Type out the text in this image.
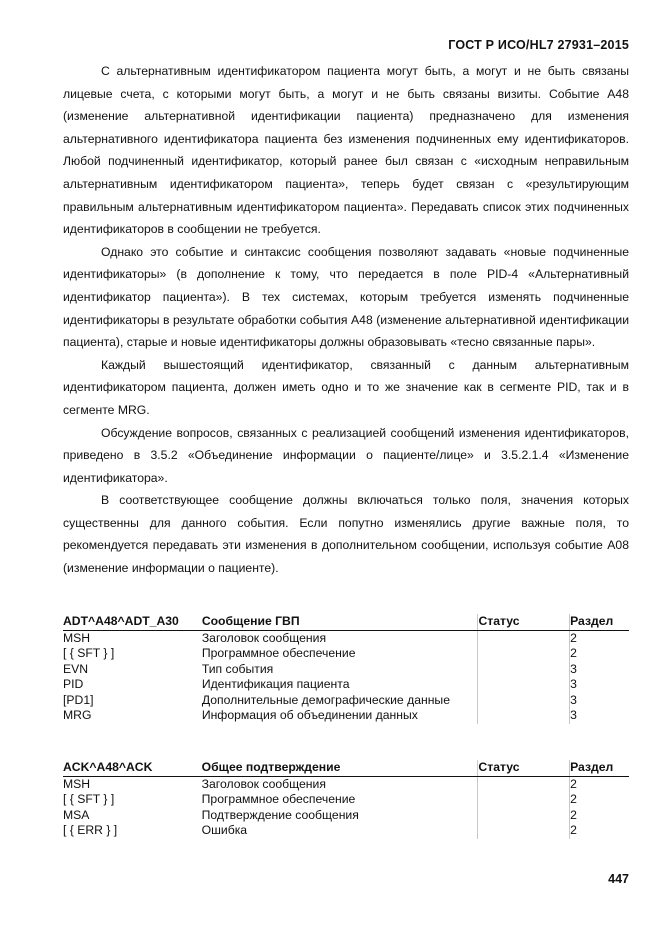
ГОСТ Р ИСО/HL7 27931–2015

С альтернативным идентификатором пациента могут быть, а могут и не быть связаны лицевые счета, с которыми могут быть, а могут и не быть связаны визиты. Событие A48 (изменение альтернативной идентификации пациента) предназначено для изменения альтернативного идентификатора пациента без изменения подчиненных ему идентификаторов. Любой подчиненный идентификатор, который ранее был связан с «исходным неправильным альтернативным идентификатором пациента», теперь будет связан с «результирующим правильным альтернативным идентификатором пациента». Передавать список этих подчиненных идентификаторов в сообщении не требуется.

Однако это событие и синтаксис сообщения позволяют задавать «новые подчиненные идентификаторы» (в дополнение к тому, что передается в поле PID-4 «Альтернативный идентификатор пациента»). В тех системах, которым требуется изменять подчиненные идентификаторы в результате обработки события A48 (изменение альтернативной идентификации пациента), старые и новые идентификаторы должны образовывать «тесно связанные пары».

Каждый вышестоящий идентификатор, связанный с данным альтернативным идентификатором пациента, должен иметь одно и то же значение как в сегменте PID, так и в сегменте MRG.

Обсуждение вопросов, связанных с реализацией сообщений изменения идентификаторов, приведено в 3.5.2 «Объединение информации о пациенте/лице» и 3.5.2.1.4 «Изменение идентификатора».

В соответствующее сообщение должны включаться только поля, значения которых существенны для данного события. Если попутно изменялись другие важные поля, то рекомендуется передавать эти изменения в дополнительном сообщении, используя событие A08 (изменение информации о пациенте).

ADT^A48^ADT_A30	Сообщение ГВП	Статус	Раздел
MSH	Заголовок сообщения		2
[ { SFT } ]	Программное обеспечение		2
EVN	Тип события		3
PID	Идентификация пациента		3
[PD1]	Дополнительные демографические данные		3
MRG	Информация об объединении данных		3
ACK^A48^ACK	Общее подтверждение	Статус	Раздел
MSH	Заголовок сообщения		2
[ { SFT } ]	Программное обеспечение		2
MSA	Подтверждение сообщения		2
[ { ERR } ]	Ошибка		2
447
